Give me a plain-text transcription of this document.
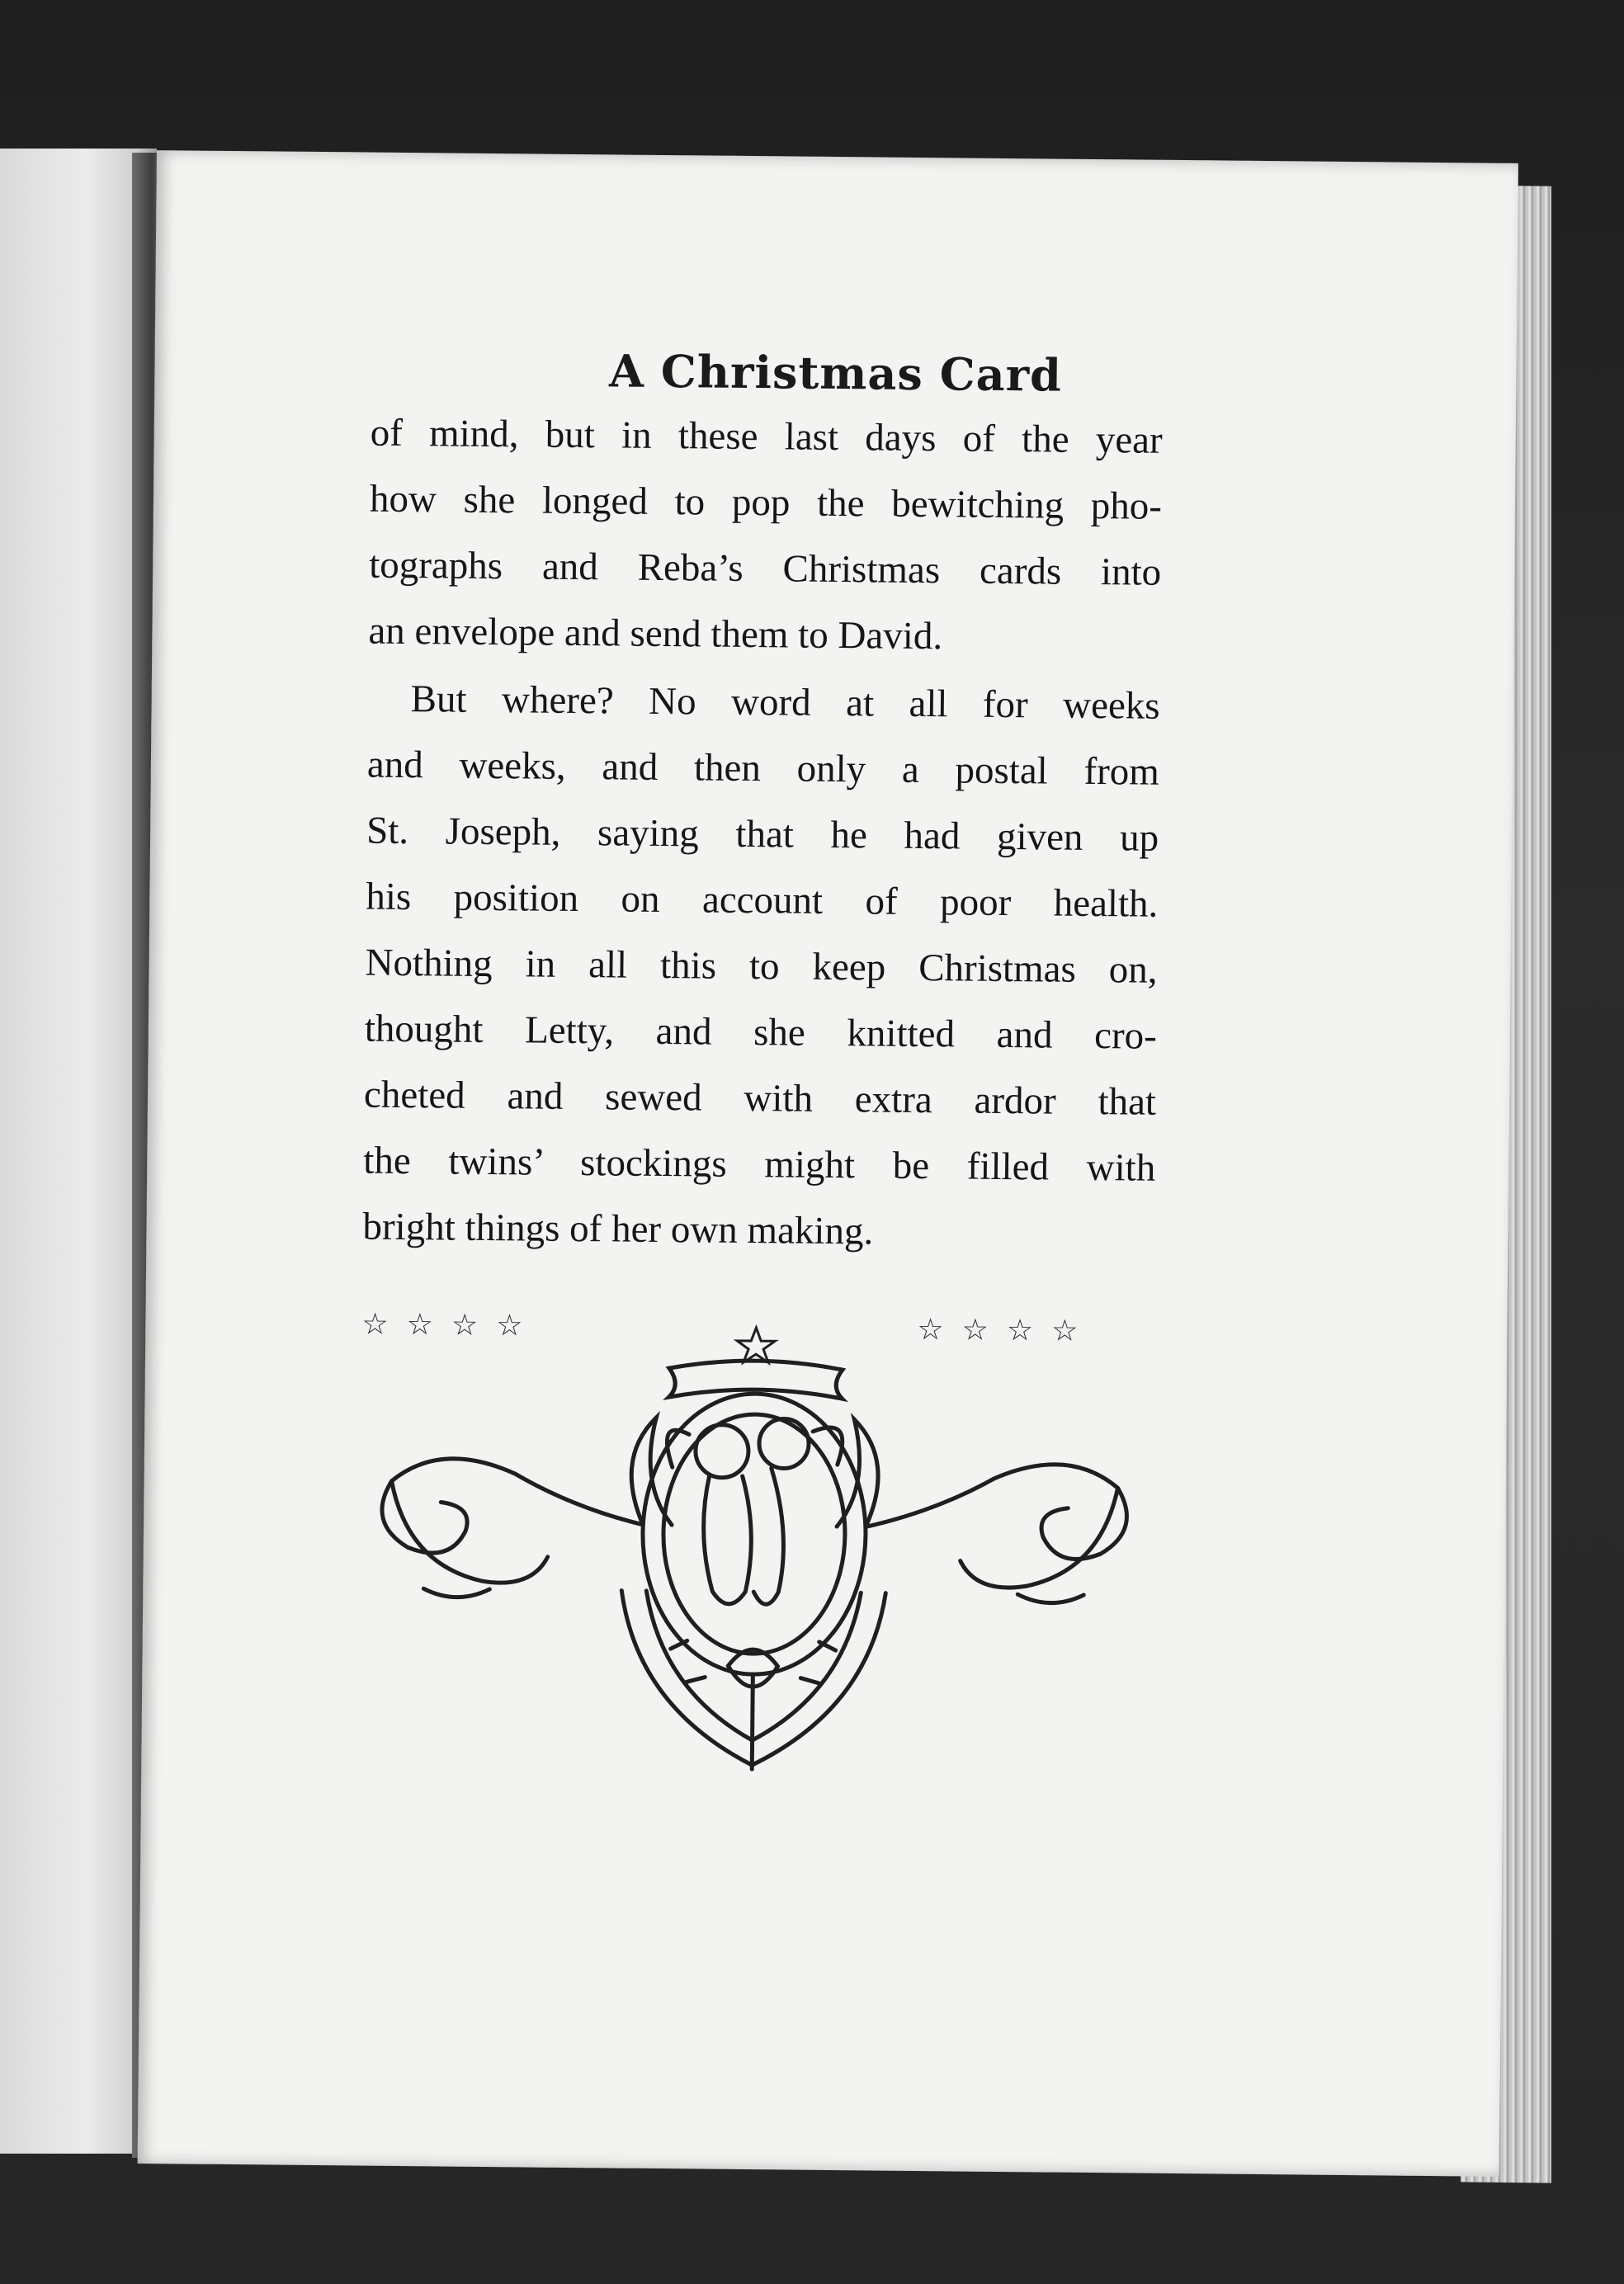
A Christmas Card

of mind, but in these last days of the year

how she longed to pop the bewitching pho-

tographs and Reba’s Christmas cards into

an envelope and send them to David.

But where? No word at all for weeks

and weeks, and then only a postal from

St. Joseph, saying that he had given up

his position on account of poor health.

Nothing in all this to keep Christmas on,

thought Letty, and she knitted and cro-

cheted and sewed with extra ardor that

the twins’ stockings might be filled with

bright things of her own making.

☆☆☆☆	☆☆☆☆
